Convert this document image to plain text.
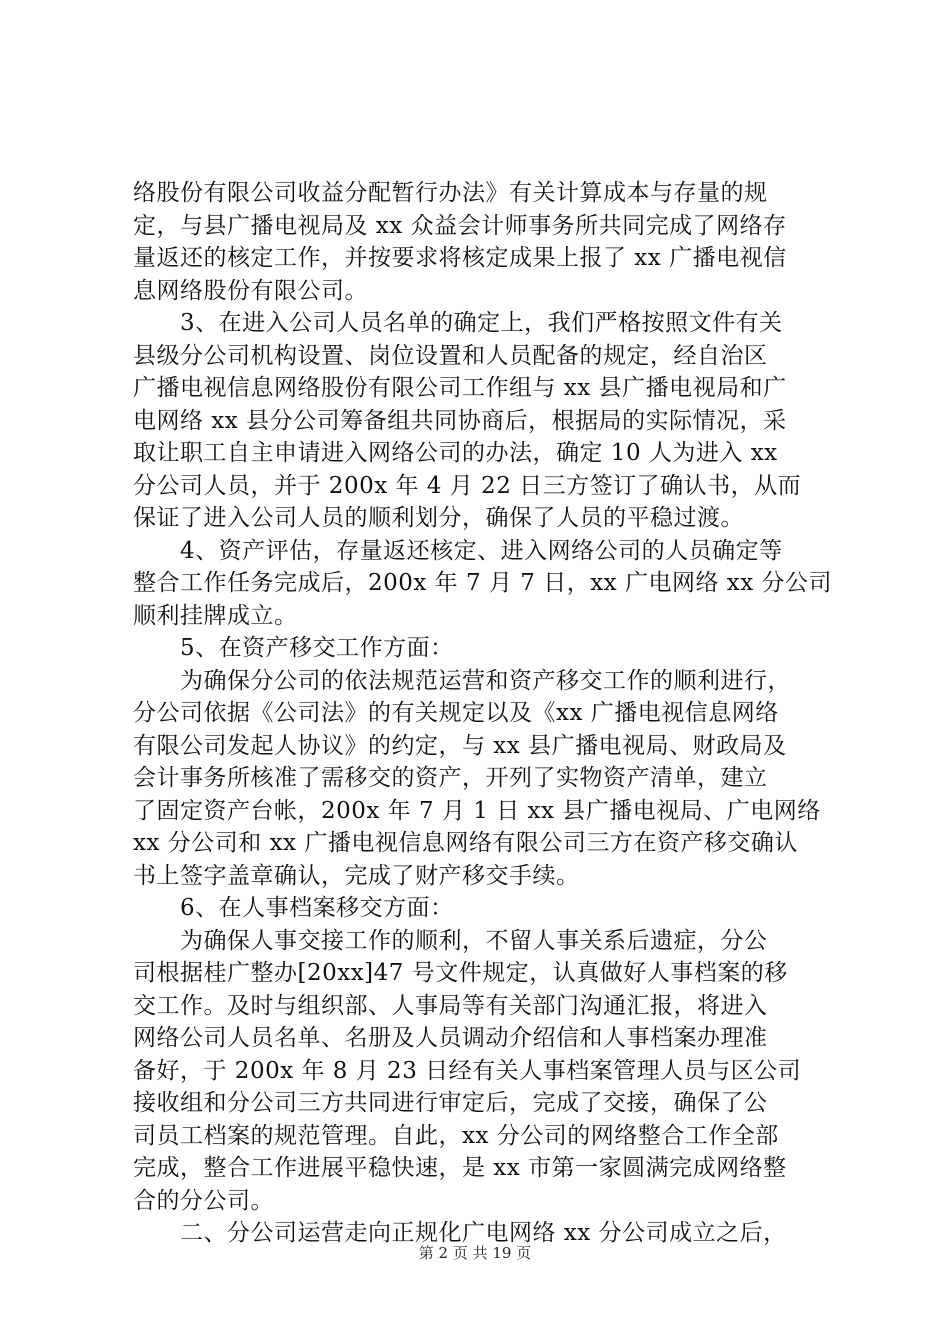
络股份有限公司收益分配暂行办法》有关计算成本与存量的规
定，与县广播电视局及 xx 众益会计师事务所共同完成了网络存
量返还的核定工作，并按要求将核定成果上报了 xx 广播电视信
息网络股份有限公司。
　　3、在进入公司人员名单的确定上，我们严格按照文件有关
县级分公司机构设置、岗位设置和人员配备的规定，经自治区
广播电视信息网络股份有限公司工作组与 xx 县广播电视局和广
电网络 xx 县分公司筹备组共同协商后，根据局的实际情况，采
取让职工自主申请进入网络公司的办法，确定 10 人为进入 xx
分公司人员，并于 200x 年 4 月 22 日三方签订了确认书，从而
保证了进入公司人员的顺利划分，确保了人员的平稳过渡。
　　4、资产评估，存量返还核定、进入网络公司的人员确定等
整合工作任务完成后，200x 年 7 月 7 日，xx 广电网络 xx 分公司
顺利挂牌成立。
　　5、在资产移交工作方面：
　　为确保分公司的依法规范运营和资产移交工作的顺利进行，
分公司依据《公司法》的有关规定以及《xx 广播电视信息网络
有限公司发起人协议》的约定，与 xx 县广播电视局、财政局及
会计事务所核准了需移交的资产，开列了实物资产清单，建立
了固定资产台帐，200x 年 7 月 1 日 xx 县广播电视局、广电网络
xx 分公司和 xx 广播电视信息网络有限公司三方在资产移交确认
书上签字盖章确认，完成了财产移交手续。
　　6、在人事档案移交方面：
　　为确保人事交接工作的顺利，不留人事关系后遗症，分公
司根据桂广整办[20xx]47 号文件规定，认真做好人事档案的移
交工作。及时与组织部、人事局等有关部门沟通汇报，将进入
网络公司人员名单、名册及人员调动介绍信和人事档案办理准
备好，于 200x 年 8 月 23 日经有关人事档案管理人员与区公司
接收组和分公司三方共同进行审定后，完成了交接，确保了公
司员工档案的规范管理。自此，xx 分公司的网络整合工作全部
完成，整合工作进展平稳快速，是 xx 市第一家圆满完成网络整
合的分公司。
　　二、分公司运营走向正规化广电网络 xx 分公司成立之后，
第 2 页 共 19 页
